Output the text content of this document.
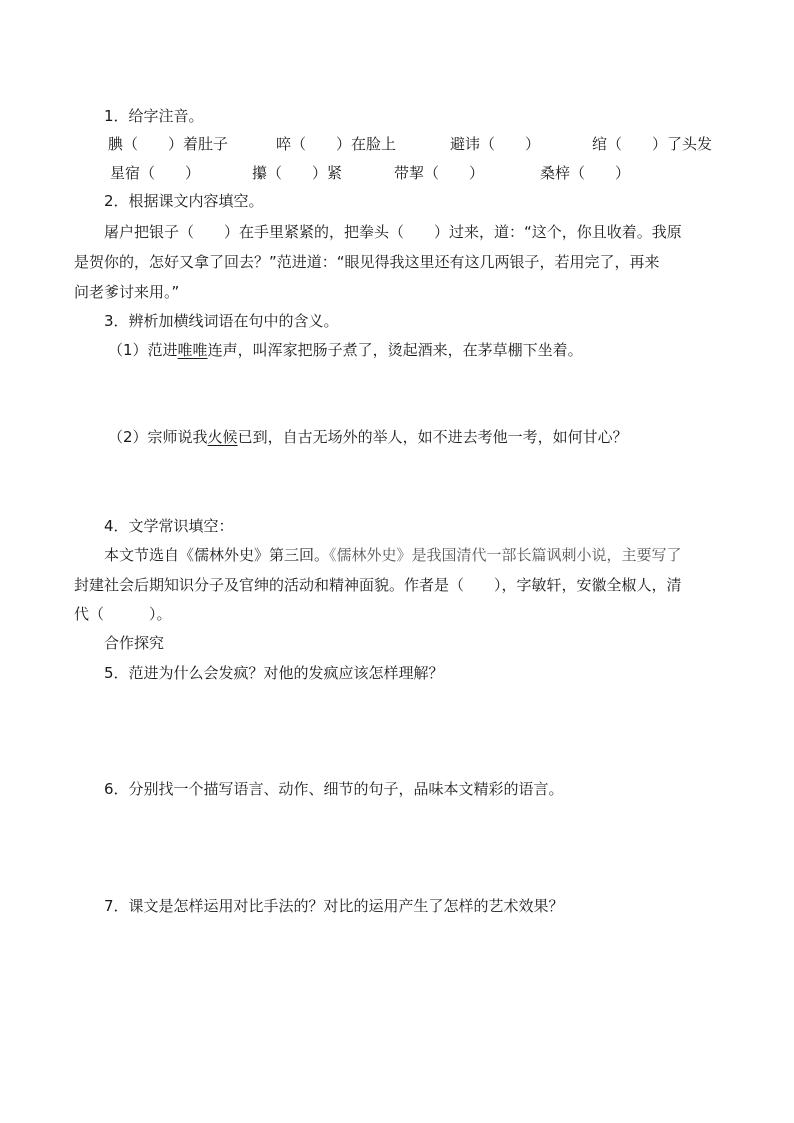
1．给字注音。
腆（　　）着肚子	啐（　　）在脸上	避讳（　　）	绾（　　）了头发
星宿（　　）	攥（　　）紧	带挈（　　）	桑梓（　　）
2．根据课文内容填空。
屠户把银子（　　）在手里紧紧的，把拳头（　　）过来，道：“这个，你且收着。我原
是贺你的，怎好又拿了回去？”范进道：“眼见得我这里还有这几两银子，若用完了，再来
问老爹讨来用。”
3．辨析加横线词语在句中的含义。
（1）范进唯唯连声，叫浑家把肠子煮了，烫起酒来，在茅草棚下坐着。
（2）宗师说我火候已到，自古无场外的举人，如不进去考他一考，如何甘心？
4．文学常识填空：
本文节选自《儒林外史》第三回。《儒林外史》是我国清代一部长篇讽刺小说，主要写了
封建社会后期知识分子及官绅的活动和精神面貌。作者是（　　），字敏轩，安徽全椒人，清
代（　　　）。
合作探究
5．范进为什么会发疯？对他的发疯应该怎样理解？
6．分别找一个描写语言、动作、细节的句子，品味本文精彩的语言。
7．课文是怎样运用对比手法的？对比的运用产生了怎样的艺术效果？
